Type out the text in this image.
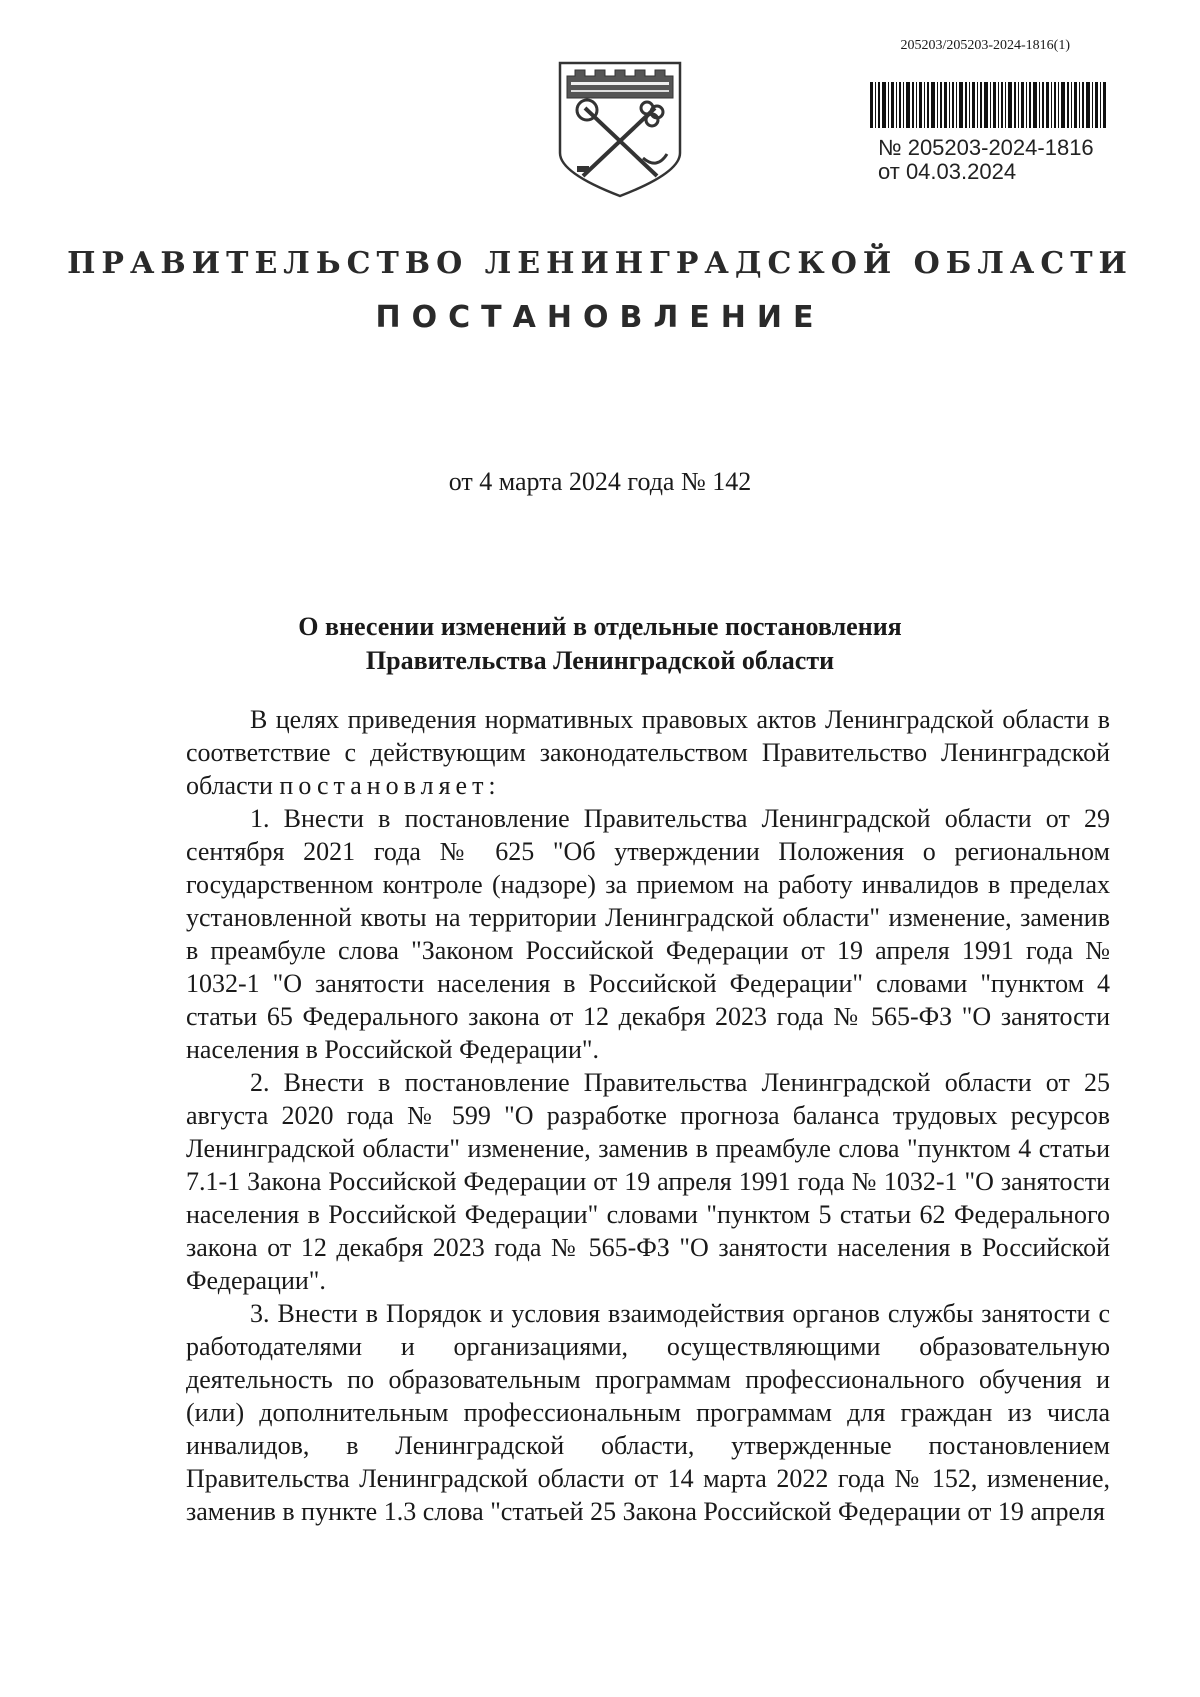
205203/205203-2024-1816(1)
№ 205203-2024-1816
от 04.03.2024
ПРАВИТЕЛЬСТВО ЛЕНИНГРАДСКОЙ ОБЛАСТИ
ПОСТАНОВЛЕНИЕ
от 4 марта 2024 года № 142
О внесении изменений в отдельные постановления
Правительства Ленинградской области

В целях приведения нормативных правовых актов Ленинградской области в соответствие с действующим законодательством Правительство Ленинградской области постановляет:

1. Внести в постановление Правительства Ленинградской области от 29 сентября 2021 года № 625 "Об утверждении Положения о региональном государственном контроле (надзоре) за приемом на работу инвалидов в пределах установленной квоты на территории Ленинградской области" изменение, заменив в преамбуле слова "Законом Российской Федерации от 19 апреля 1991 года № 1032-1 "О занятости населения в Российской Федерации" словами "пунктом 4 статьи 65 Федерального закона от 12 декабря 2023 года № 565-ФЗ "О занятости населения в Российской Федерации".

2. Внести в постановление Правительства Ленинградской области от 25 августа 2020 года № 599 "О разработке прогноза баланса трудовых ресурсов Ленинградской области" изменение, заменив в преамбуле слова "пунктом 4 статьи 7.1-1 Закона Российской Федерации от 19 апреля 1991 года № 1032-1 "О занятости населения в Российской Федерации" словами "пунктом 5 статьи 62 Федерального закона от 12 декабря 2023 года № 565-ФЗ "О занятости населения в Российской Федерации".

3. Внести в Порядок и условия взаимодействия органов службы занятости с работодателями и организациями, осуществляющими образовательную деятельность по образовательным программам профессионального обучения и (или) дополнительным профессиональным программам для граждан из числа инвалидов, в Ленинградской области, утвержденные постановлением Правительства Ленинградской области от 14 марта 2022 года № 152, изменение, заменив в пункте 1.3 слова "статьей 25 Закона Российской Федерации от 19 апреля
